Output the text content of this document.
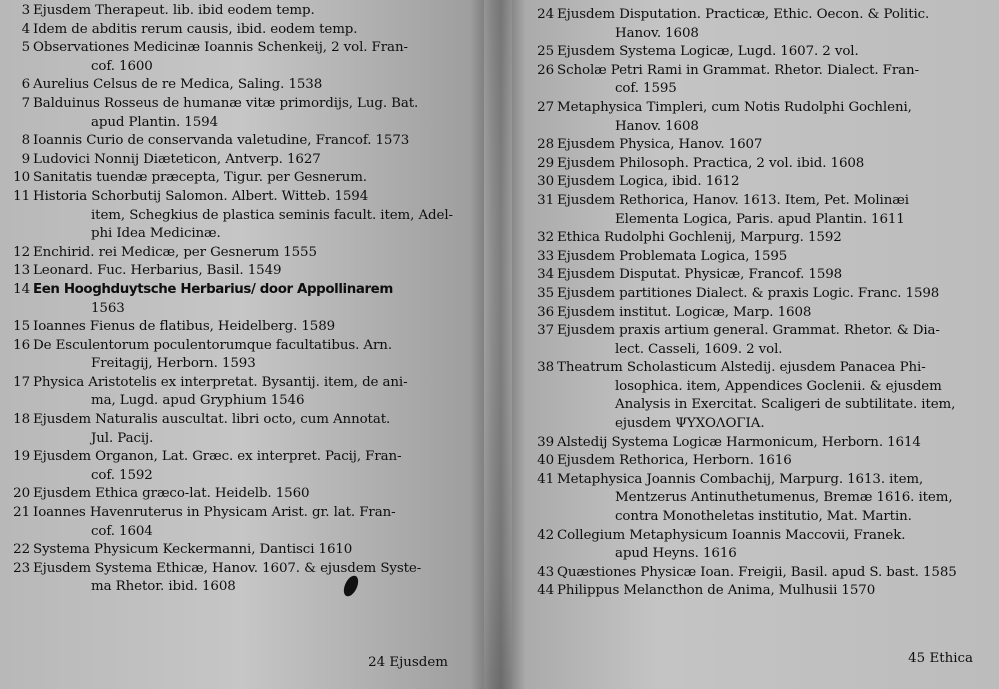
3 Ejusdem Therapeut. lib. ibid eodem temp.
4 Idem de abditis rerum causis, ibid. eodem temp.
5 Observationes Medicinæ Ioannis Schenkeij, 2 vol. Fran-
cof. 1600
6 Aurelius Celsus de re Medica, Saling. 1538
7 Balduinus Rosseus de humanæ vitæ primordijs, Lug. Bat.
apud Plantin. 1594
8 Ioannis Curio de conservanda valetudine, Francof. 1573
9 Ludovici Nonnij Diæteticon, Antverp. 1627
10 Sanitatis tuendæ præcepta, Tigur. per Gesnerum.
11 Historia Schorbutij Salomon. Albert. Witteb. 1594
item, Schegkius de plastica seminis facult. item, Adel-
phi Idea Medicinæ.
12 Enchirid. rei Medicæ, per Gesnerum 1555
13 Leonard. Fuc. Herbarius, Basil. 1549
14 Een Hooghduytsche Herbarius/ door Appollinarem
1563
15 Ioannes Fienus de flatibus, Heidelberg. 1589
16 De Esculentorum poculentorumque facultatibus. Arn.
Freitagij, Herborn. 1593
17 Physica Aristotelis ex interpretat. Bysantij. item, de ani-
ma, Lugd. apud Gryphium 1546
18 Ejusdem Naturalis auscultat. libri octo, cum Annotat.
Jul. Pacij.
19 Ejusdem Organon, Lat. Græc. ex interpret. Pacij, Fran-
cof. 1592
20 Ejusdem Ethica græco-lat. Heidelb. 1560
21 Ioannes Havenruterus in Physicam Arist. gr. lat. Fran-
cof. 1604
22 Systema Physicum Keckermanni, Dantisci 1610
23 Ejusdem Systema Ethicæ, Hanov. 1607. & ejusdem Syste-
ma Rhetor. ibid. 1608
24 Ejusdem
24 Ejusdem Disputation. Practicæ, Ethic. Oecon. & Politic.
Hanov. 1608
25 Ejusdem Systema Logicæ, Lugd. 1607. 2 vol.
26 Scholæ Petri Rami in Grammat. Rhetor. Dialect. Fran-
cof. 1595
27 Metaphysica Timpleri, cum Notis Rudolphi Gochleni,
Hanov. 1608
28 Ejusdem Physica, Hanov. 1607
29 Ejusdem Philosoph. Practica, 2 vol. ibid. 1608
30 Ejusdem Logica, ibid. 1612
31 Ejusdem Rethorica, Hanov. 1613. Item, Pet. Molinæi
Elementa Logica, Paris. apud Plantin. 1611
32 Ethica Rudolphi Gochlenij, Marpurg. 1592
33 Ejusdem Problemata Logica, 1595
34 Ejusdem Disputat. Physicæ, Francof. 1598
35 Ejusdem partitiones Dialect. & praxis Logic. Franc. 1598
36 Ejusdem institut. Logicæ, Marp. 1608
37 Ejusdem praxis artium general. Grammat. Rhetor. & Dia-
lect. Casseli, 1609. 2 vol.
38 Theatrum Scholasticum Alstedij. ejusdem Panacea Phi-
losophica. item, Appendices Goclenii. & ejusdem
Analysis in Exercitat. Scaligeri de subtilitate. item,
ejusdem ΨΥΧΟΛΟΓΙΑ.
39 Alstedij Systema Logicæ Harmonicum, Herborn. 1614
40 Ejusdem Rethorica, Herborn. 1616
41 Metaphysica Joannis Combachij, Marpurg. 1613. item,
Mentzerus Antinuthetumenus, Bremæ 1616. item,
contra Monotheletas institutio, Mat. Martin.
42 Collegium Metaphysicum Ioannis Maccovii, Franek.
apud Heyns. 1616
43 Quæstiones Physicæ Ioan. Freigii, Basil. apud S. bast. 1585
44 Philippus Melancthon de Anima, Mulhusii 1570
45 Ethica
